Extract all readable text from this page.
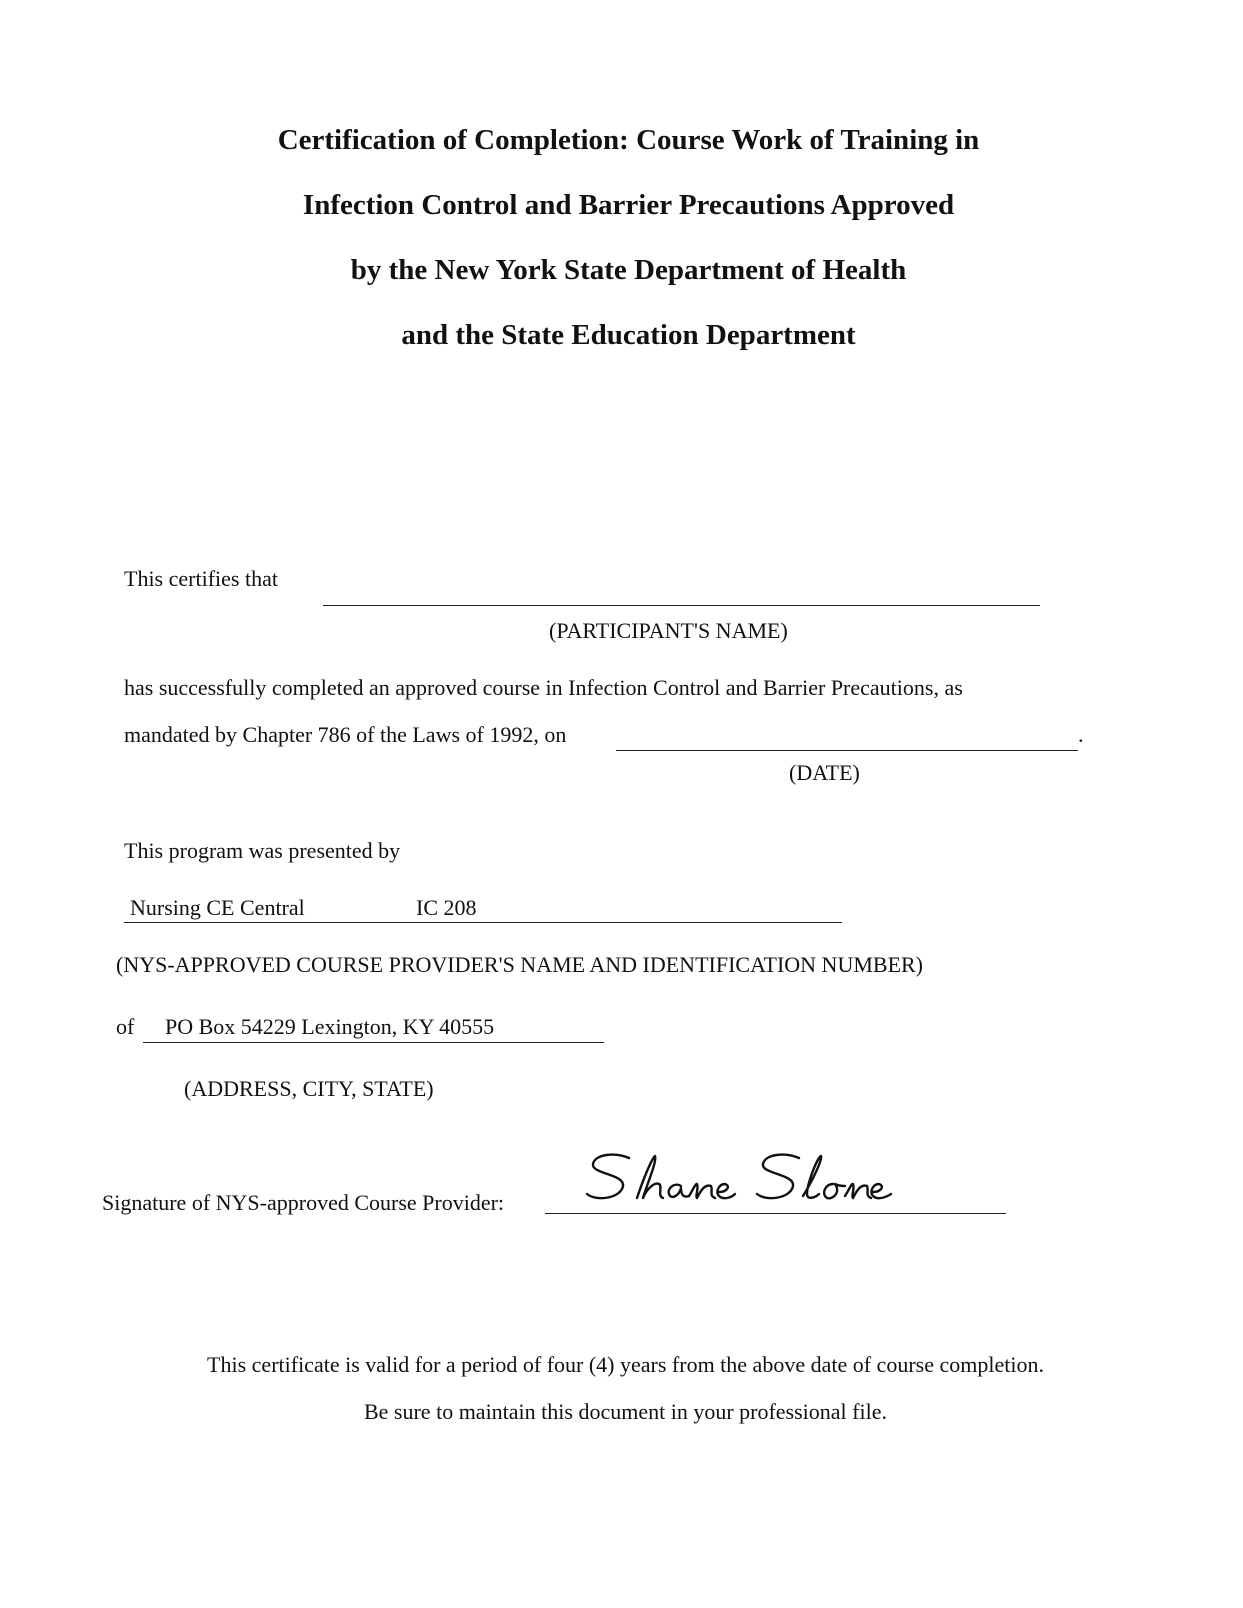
Certification of Completion: Course Work of Training in
Infection Control and Barrier Precautions Approved
by the New York State Department of Health
and the State Education Department
This certifies that
(PARTICIPANT'S NAME)
has successfully completed an approved course in Infection Control and Barrier Precautions, as
mandated by Chapter 786 of the Laws of 1992, on	.
(DATE)
This program was presented by
Nursing CE Central	IC 208
(NYS-APPROVED COURSE PROVIDER'S NAME AND IDENTIFICATION NUMBER)
of PO Box 54229 Lexington, KY 40555
(ADDRESS, CITY, STATE)
Signature of NYS-approved Course Provider:
This certificate is valid for a period of four (4) years from the above date of course completion.
Be sure to maintain this document in your professional file.
